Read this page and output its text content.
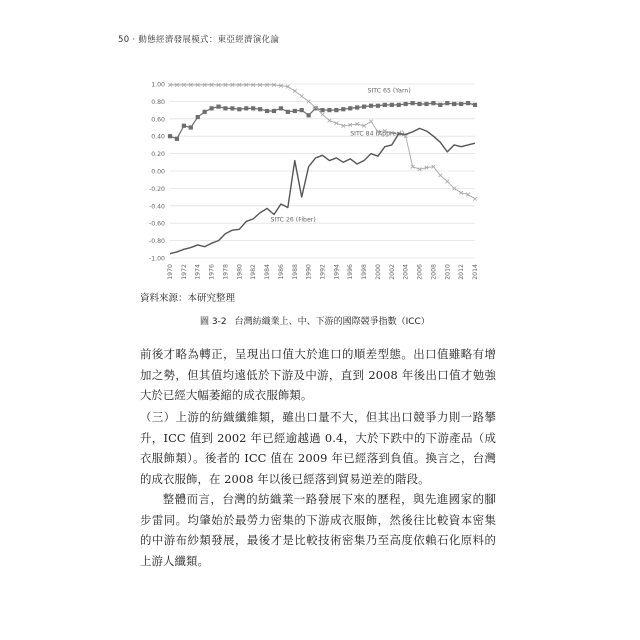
50 · 動態經濟發展模式：東亞經濟演化論
1.00
0.80
0.60
0.40
0.20
0.00
-0.20
-0.40
-0.60
-0.80
-1.00
1970 1972 1974 1976 1978 1980 1982 1984 1986 1988 1990 1992 1994 1996 1998 2000 2002 2004 2006 2008 2010 2012 2014
SITC 65 (Yarn)
SITC 84 (Appreal)
SITC 26 (Fiber)
資料來源：本研究整理
圖 3-2 台灣紡織業上、中、下游的國際競爭指數（ICC）

前後才略為轉正，呈現出口值大於進口的順差型態。出口值雖略有增加之勢，但其值均遠低於下游及中游，直到 2008 年後出口值才勉強大於已經大幅萎縮的成衣服飾類。

（三）上游的紡織纖維類，雖出口量不大，但其出口競爭力則一路攀升，ICC 值到 2002 年已經逾越過 0.4，大於下跌中的下游產品（成衣服飾類）。後者的 ICC 值在 2009 年已經落到負值。換言之，台灣的成衣服飾，在 2008 年以後已經落到貿易逆差的階段。

整體而言，台灣的紡織業一路發展下來的歷程，與先進國家的腳步雷同。均肇始於最勞力密集的下游成衣服飾，然後往比較資本密集的中游布紗類發展，最後才是比較技術密集乃至高度依賴石化原料的上游人纖類。
